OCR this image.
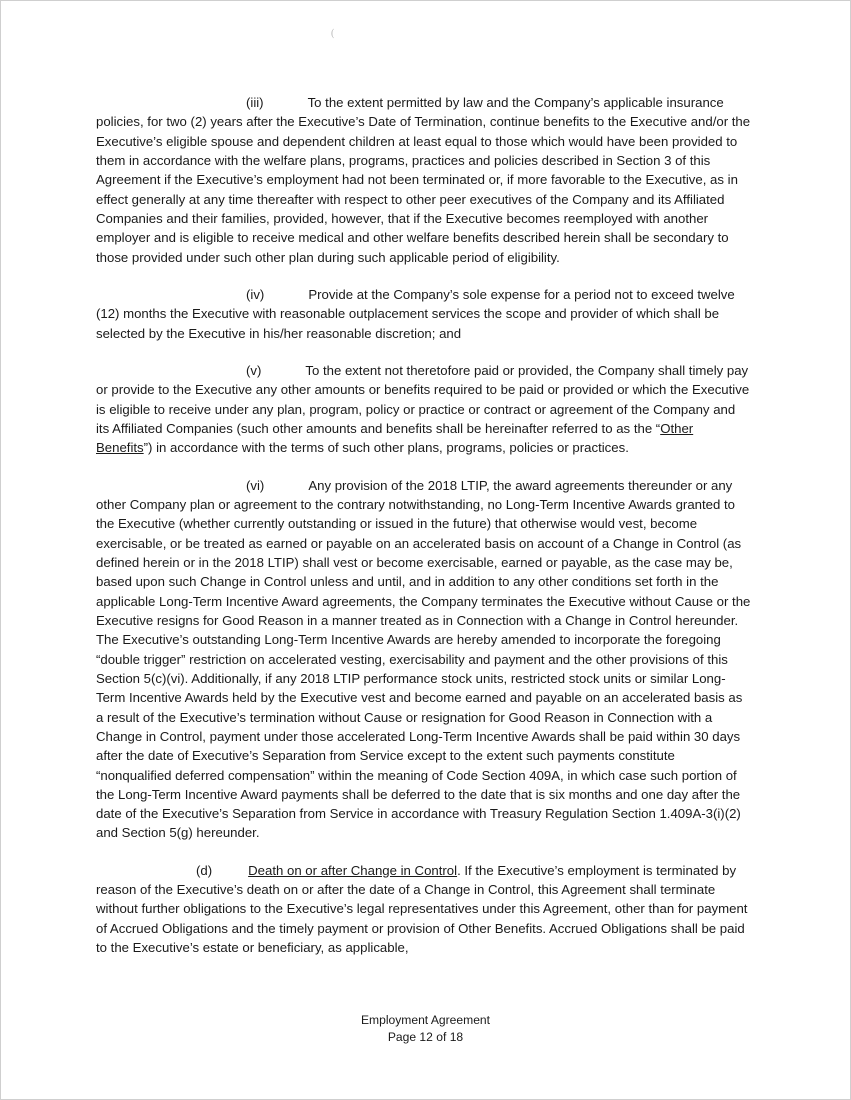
(

(iii)	To the extent permitted by law and the Company’s applicable insurance policies, for two (2) years after the Executive’s Date of Termination, continue benefits to the Executive and/or the Executive’s eligible spouse and dependent children at least equal to those which would have been provided to them in accordance with the welfare plans, programs, practices and policies described in Section 3 of this Agreement if the Executive’s employment had not been terminated or, if more favorable to the Executive, as in effect generally at any time thereafter with respect to other peer executives of the Company and its Affiliated Companies and their families, provided, however, that if the Executive becomes reemployed with another employer and is eligible to receive medical and other welfare benefits described herein shall be secondary to those provided under such other plan during such applicable period of eligibility.

(iv)	Provide at the Company’s sole expense for a period not to exceed twelve (12) months the Executive with reasonable outplacement services the scope and provider of which shall be selected by the Executive in his/her reasonable discretion; and

(v)	To the extent not theretofore paid or provided, the Company shall timely pay or provide to the Executive any other amounts or benefits required to be paid or provided or which the Executive is eligible to receive under any plan, program, policy or practice or contract or agreement of the Company and its Affiliated Companies (such other amounts and benefits shall be hereinafter referred to as the “Other Benefits”) in accordance with the terms of such other plans, programs, policies or practices.

(vi)	Any provision of the 2018 LTIP, the award agreements thereunder or any other Company plan or agreement to the contrary notwithstanding, no Long-Term Incentive Awards granted to the Executive (whether currently outstanding or issued in the future) that otherwise would vest, become exercisable, or be treated as earned or payable on an accelerated basis on account of a Change in Control (as defined herein or in the 2018 LTIP) shall vest or become exercisable, earned or payable, as the case may be, based upon such Change in Control unless and until, and in addition to any other conditions set forth in the applicable Long-Term Incentive Award agreements, the Company terminates the Executive without Cause or the Executive resigns for Good Reason in a manner treated as in Connection with a Change in Control hereunder. The Executive’s outstanding Long-Term Incentive Awards are hereby amended to incorporate the foregoing “double trigger” restriction on accelerated vesting, exercisability and payment and the other provisions of this Section 5(c)(vi). Additionally, if any 2018 LTIP performance stock units, restricted stock units or similar Long-Term Incentive Awards held by the Executive vest and become earned and payable on an accelerated basis as a result of the Executive’s termination without Cause or resignation for Good Reason in Connection with a Change in Control, payment under those accelerated Long-Term Incentive Awards shall be paid within 30 days after the date of Executive’s Separation from Service except to the extent such payments constitute “nonqualified deferred compensation” within the meaning of Code Section 409A, in which case such portion of the Long-Term Incentive Award payments shall be deferred to the date that is six months and one day after the date of the Executive’s Separation from Service in accordance with Treasury Regulation Section 1.409A-3(i)(2) and Section 5(g) hereunder.

(d)	Death on or after Change in Control. If the Executive’s employment is terminated by reason of the Executive’s death on or after the date of a Change in Control, this Agreement shall terminate without further obligations to the Executive’s legal representatives under this Agreement, other than for payment of Accrued Obligations and the timely payment or provision of Other Benefits. Accrued Obligations shall be paid to the Executive’s estate or beneficiary, as applicable,

Employment Agreement
Page 12 of 18
